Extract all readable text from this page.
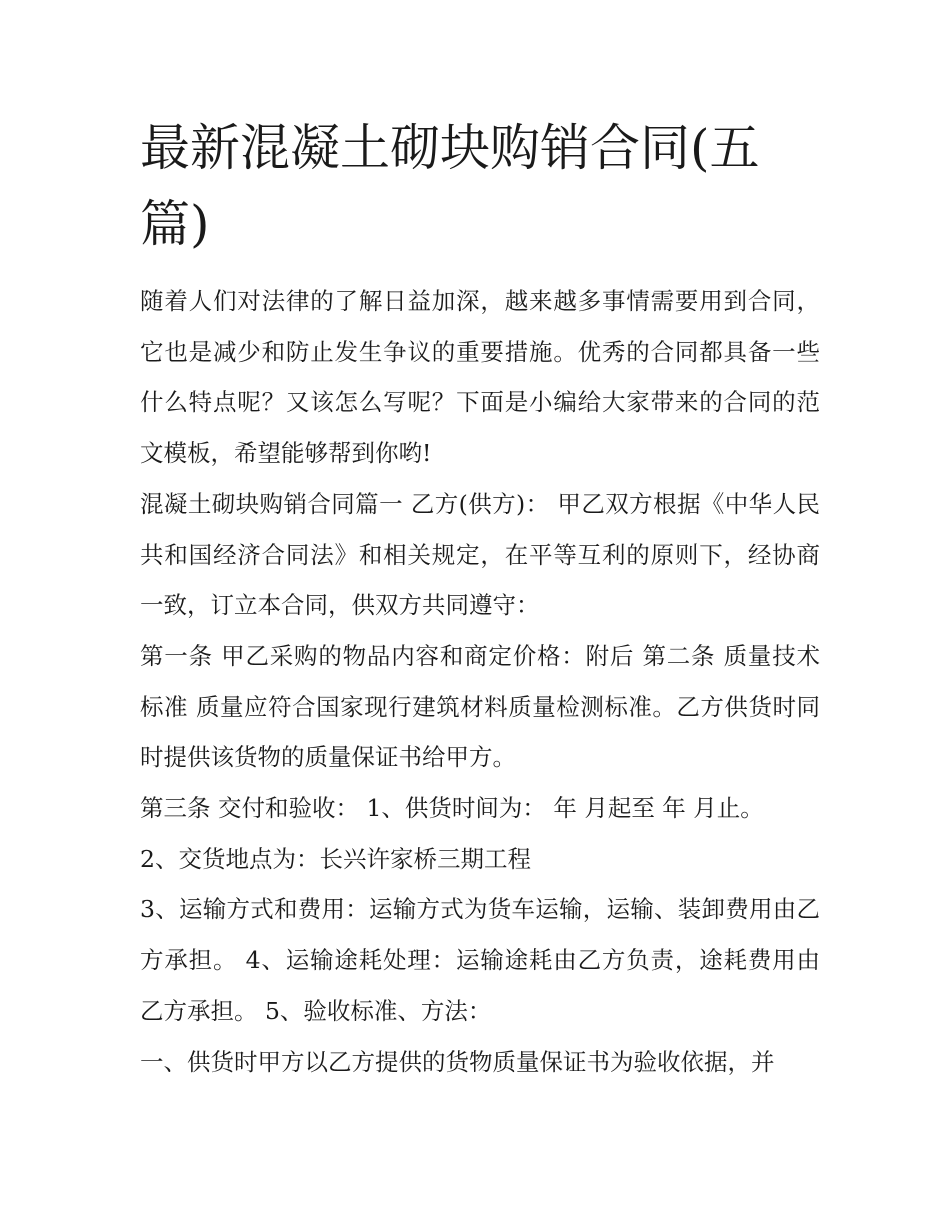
最新混凝土砌块购销合同(五篇)

随着人们对法律的了解日益加深，越来越多事情需要用到合同，它也是减少和防止发生争议的重要措施。优秀的合同都具备一些什么特点呢？又该怎么写呢？下面是小编给大家带来的合同的范文模板，希望能够帮到你哟!

混凝土砌块购销合同篇一 乙方(供方)： 甲乙双方根据《中华人民共和国经济合同法》和相关规定，在平等互利的原则下，经协商一致，订立本合同，供双方共同遵守：

第一条 甲乙采购的物品内容和商定价格：附后 第二条 质量技术标准 质量应符合国家现行建筑材料质量检测标准。乙方供货时同时提供该货物的质量保证书给甲方。

第三条 交付和验收： 1、供货时间为： 年 月起至 年 月止。

2、交货地点为：长兴许家桥三期工程

3、运输方式和费用：运输方式为货车运输，运输、装卸费用由乙方承担。 4、运输途耗处理：运输途耗由乙方负责，途耗费用由乙方承担。 5、验收标准、方法：

一、供货时甲方以乙方提供的货物质量保证书为验收依据，并
